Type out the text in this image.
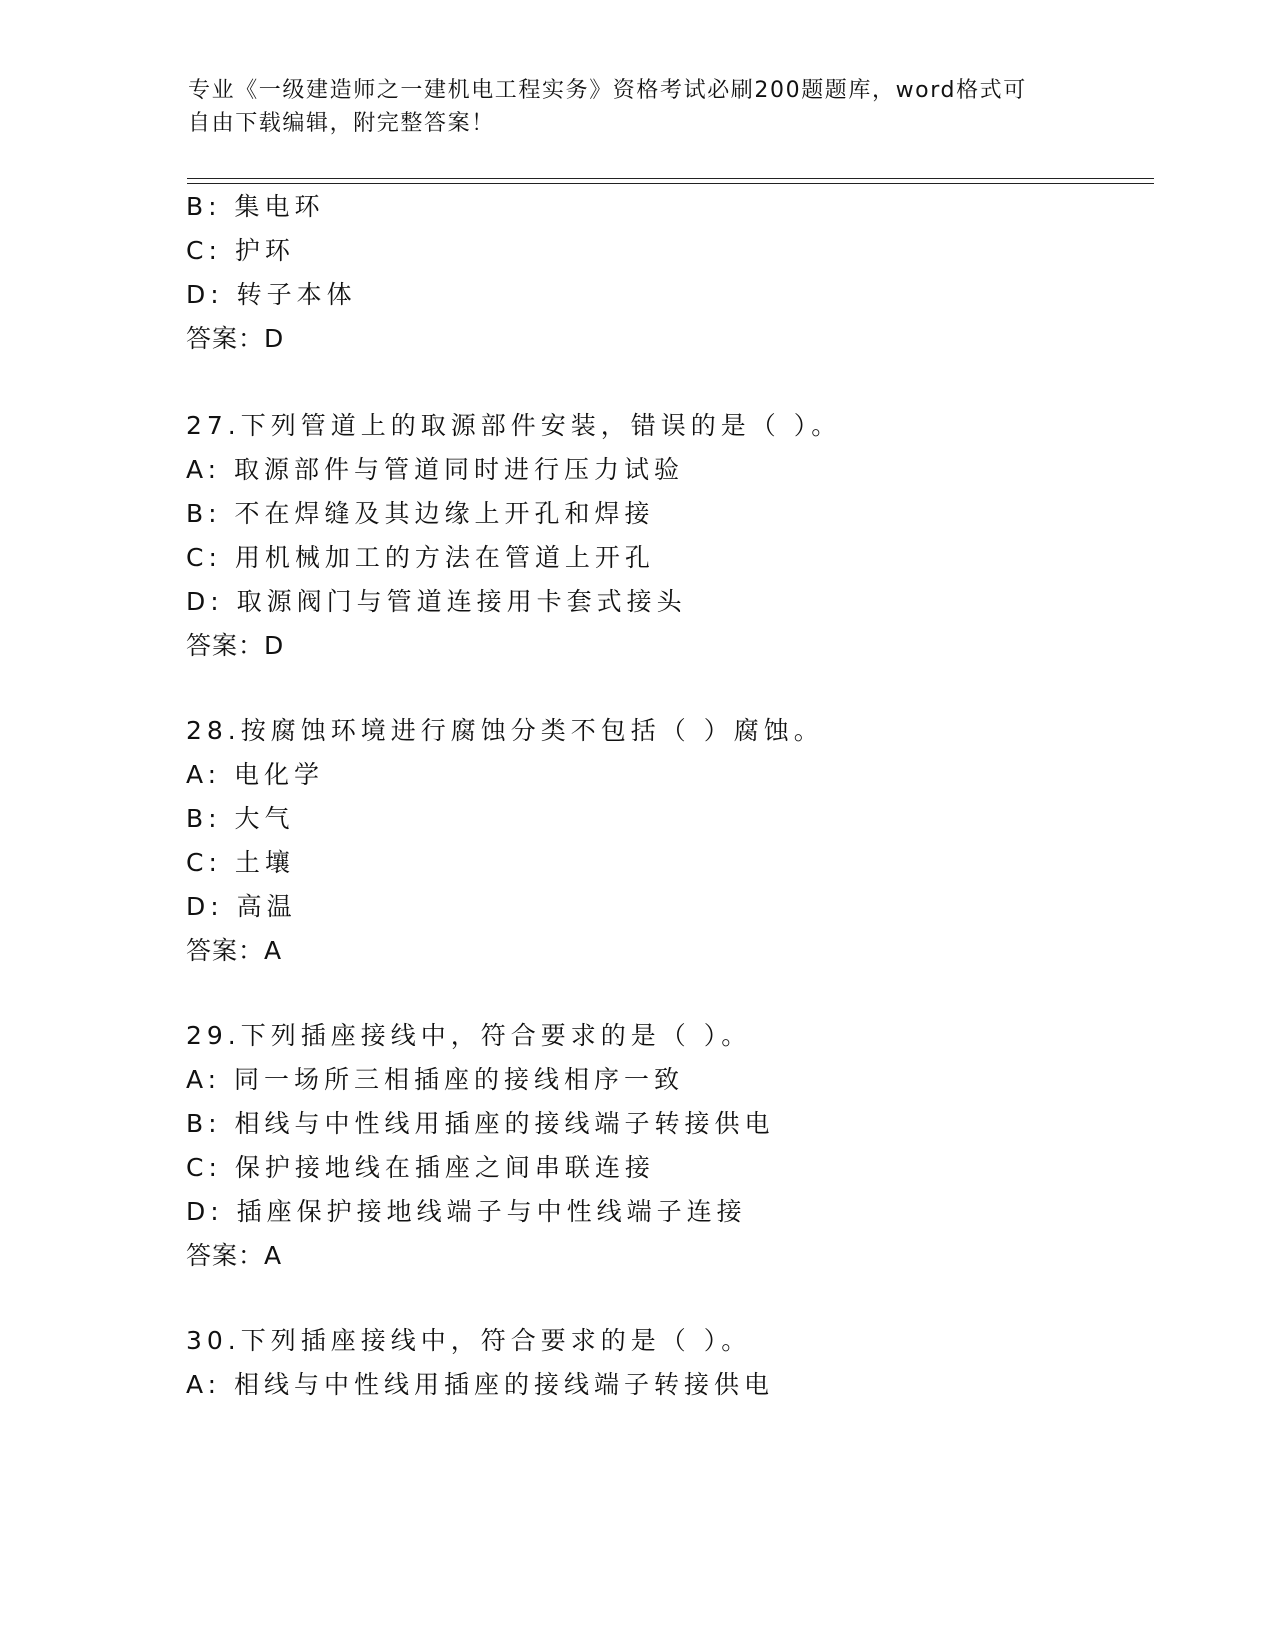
专业《一级建造师之一建机电工程实务》资格考试必刷200题题库，word格式可
自由下载编辑，附完整答案！
B: 集电环
C: 护环
D: 转子本体
答案：D
27.下列管道上的取源部件安装，错误的是（ ）。
A: 取源部件与管道同时进行压力试验
B: 不在焊缝及其边缘上开孔和焊接
C: 用机械加工的方法在管道上开孔
D: 取源阀门与管道连接用卡套式接头
答案：D
28.按腐蚀环境进行腐蚀分类不包括（ ）腐蚀。
A: 电化学
B: 大气
C: 土壤
D: 高温
答案：A
29.下列插座接线中，符合要求的是（ ）。
A: 同一场所三相插座的接线相序一致
B: 相线与中性线用插座的接线端子转接供电
C: 保护接地线在插座之间串联连接
D: 插座保护接地线端子与中性线端子连接
答案：A
30.下列插座接线中，符合要求的是（ ）。
A: 相线与中性线用插座的接线端子转接供电
